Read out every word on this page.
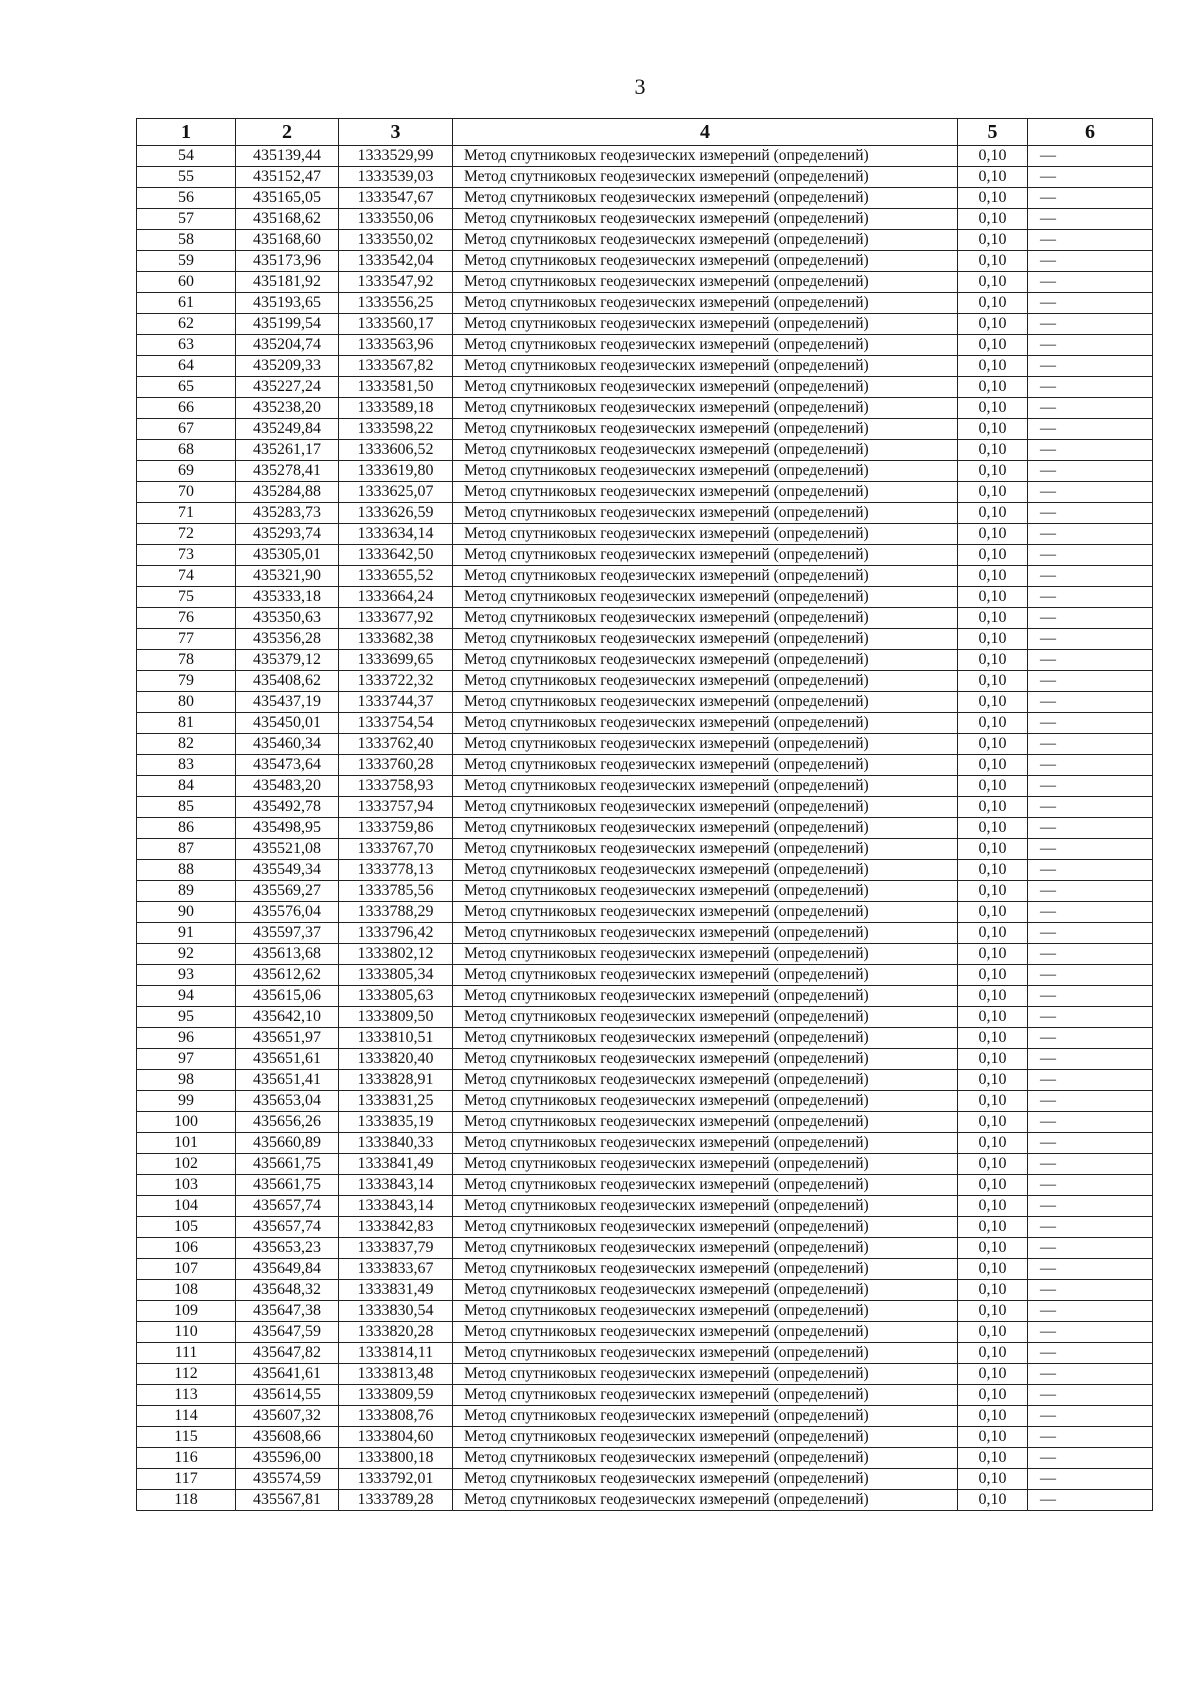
3
1	2	3	4	5	6
54	435139,44	1333529,99	Метод спутниковых геодезических измерений (определений)	0,10	—
55	435152,47	1333539,03	Метод спутниковых геодезических измерений (определений)	0,10	—
56	435165,05	1333547,67	Метод спутниковых геодезических измерений (определений)	0,10	—
57	435168,62	1333550,06	Метод спутниковых геодезических измерений (определений)	0,10	—
58	435168,60	1333550,02	Метод спутниковых геодезических измерений (определений)	0,10	—
59	435173,96	1333542,04	Метод спутниковых геодезических измерений (определений)	0,10	—
60	435181,92	1333547,92	Метод спутниковых геодезических измерений (определений)	0,10	—
61	435193,65	1333556,25	Метод спутниковых геодезических измерений (определений)	0,10	—
62	435199,54	1333560,17	Метод спутниковых геодезических измерений (определений)	0,10	—
63	435204,74	1333563,96	Метод спутниковых геодезических измерений (определений)	0,10	—
64	435209,33	1333567,82	Метод спутниковых геодезических измерений (определений)	0,10	—
65	435227,24	1333581,50	Метод спутниковых геодезических измерений (определений)	0,10	—
66	435238,20	1333589,18	Метод спутниковых геодезических измерений (определений)	0,10	—
67	435249,84	1333598,22	Метод спутниковых геодезических измерений (определений)	0,10	—
68	435261,17	1333606,52	Метод спутниковых геодезических измерений (определений)	0,10	—
69	435278,41	1333619,80	Метод спутниковых геодезических измерений (определений)	0,10	—
70	435284,88	1333625,07	Метод спутниковых геодезических измерений (определений)	0,10	—
71	435283,73	1333626,59	Метод спутниковых геодезических измерений (определений)	0,10	—
72	435293,74	1333634,14	Метод спутниковых геодезических измерений (определений)	0,10	—
73	435305,01	1333642,50	Метод спутниковых геодезических измерений (определений)	0,10	—
74	435321,90	1333655,52	Метод спутниковых геодезических измерений (определений)	0,10	—
75	435333,18	1333664,24	Метод спутниковых геодезических измерений (определений)	0,10	—
76	435350,63	1333677,92	Метод спутниковых геодезических измерений (определений)	0,10	—
77	435356,28	1333682,38	Метод спутниковых геодезических измерений (определений)	0,10	—
78	435379,12	1333699,65	Метод спутниковых геодезических измерений (определений)	0,10	—
79	435408,62	1333722,32	Метод спутниковых геодезических измерений (определений)	0,10	—
80	435437,19	1333744,37	Метод спутниковых геодезических измерений (определений)	0,10	—
81	435450,01	1333754,54	Метод спутниковых геодезических измерений (определений)	0,10	—
82	435460,34	1333762,40	Метод спутниковых геодезических измерений (определений)	0,10	—
83	435473,64	1333760,28	Метод спутниковых геодезических измерений (определений)	0,10	—
84	435483,20	1333758,93	Метод спутниковых геодезических измерений (определений)	0,10	—
85	435492,78	1333757,94	Метод спутниковых геодезических измерений (определений)	0,10	—
86	435498,95	1333759,86	Метод спутниковых геодезических измерений (определений)	0,10	—
87	435521,08	1333767,70	Метод спутниковых геодезических измерений (определений)	0,10	—
88	435549,34	1333778,13	Метод спутниковых геодезических измерений (определений)	0,10	—
89	435569,27	1333785,56	Метод спутниковых геодезических измерений (определений)	0,10	—
90	435576,04	1333788,29	Метод спутниковых геодезических измерений (определений)	0,10	—
91	435597,37	1333796,42	Метод спутниковых геодезических измерений (определений)	0,10	—
92	435613,68	1333802,12	Метод спутниковых геодезических измерений (определений)	0,10	—
93	435612,62	1333805,34	Метод спутниковых геодезических измерений (определений)	0,10	—
94	435615,06	1333805,63	Метод спутниковых геодезических измерений (определений)	0,10	—
95	435642,10	1333809,50	Метод спутниковых геодезических измерений (определений)	0,10	—
96	435651,97	1333810,51	Метод спутниковых геодезических измерений (определений)	0,10	—
97	435651,61	1333820,40	Метод спутниковых геодезических измерений (определений)	0,10	—
98	435651,41	1333828,91	Метод спутниковых геодезических измерений (определений)	0,10	—
99	435653,04	1333831,25	Метод спутниковых геодезических измерений (определений)	0,10	—
100	435656,26	1333835,19	Метод спутниковых геодезических измерений (определений)	0,10	—
101	435660,89	1333840,33	Метод спутниковых геодезических измерений (определений)	0,10	—
102	435661,75	1333841,49	Метод спутниковых геодезических измерений (определений)	0,10	—
103	435661,75	1333843,14	Метод спутниковых геодезических измерений (определений)	0,10	—
104	435657,74	1333843,14	Метод спутниковых геодезических измерений (определений)	0,10	—
105	435657,74	1333842,83	Метод спутниковых геодезических измерений (определений)	0,10	—
106	435653,23	1333837,79	Метод спутниковых геодезических измерений (определений)	0,10	—
107	435649,84	1333833,67	Метод спутниковых геодезических измерений (определений)	0,10	—
108	435648,32	1333831,49	Метод спутниковых геодезических измерений (определений)	0,10	—
109	435647,38	1333830,54	Метод спутниковых геодезических измерений (определений)	0,10	—
110	435647,59	1333820,28	Метод спутниковых геодезических измерений (определений)	0,10	—
111	435647,82	1333814,11	Метод спутниковых геодезических измерений (определений)	0,10	—
112	435641,61	1333813,48	Метод спутниковых геодезических измерений (определений)	0,10	—
113	435614,55	1333809,59	Метод спутниковых геодезических измерений (определений)	0,10	—
114	435607,32	1333808,76	Метод спутниковых геодезических измерений (определений)	0,10	—
115	435608,66	1333804,60	Метод спутниковых геодезических измерений (определений)	0,10	—
116	435596,00	1333800,18	Метод спутниковых геодезических измерений (определений)	0,10	—
117	435574,59	1333792,01	Метод спутниковых геодезических измерений (определений)	0,10	—
118	435567,81	1333789,28	Метод спутниковых геодезических измерений (определений)	0,10	—
